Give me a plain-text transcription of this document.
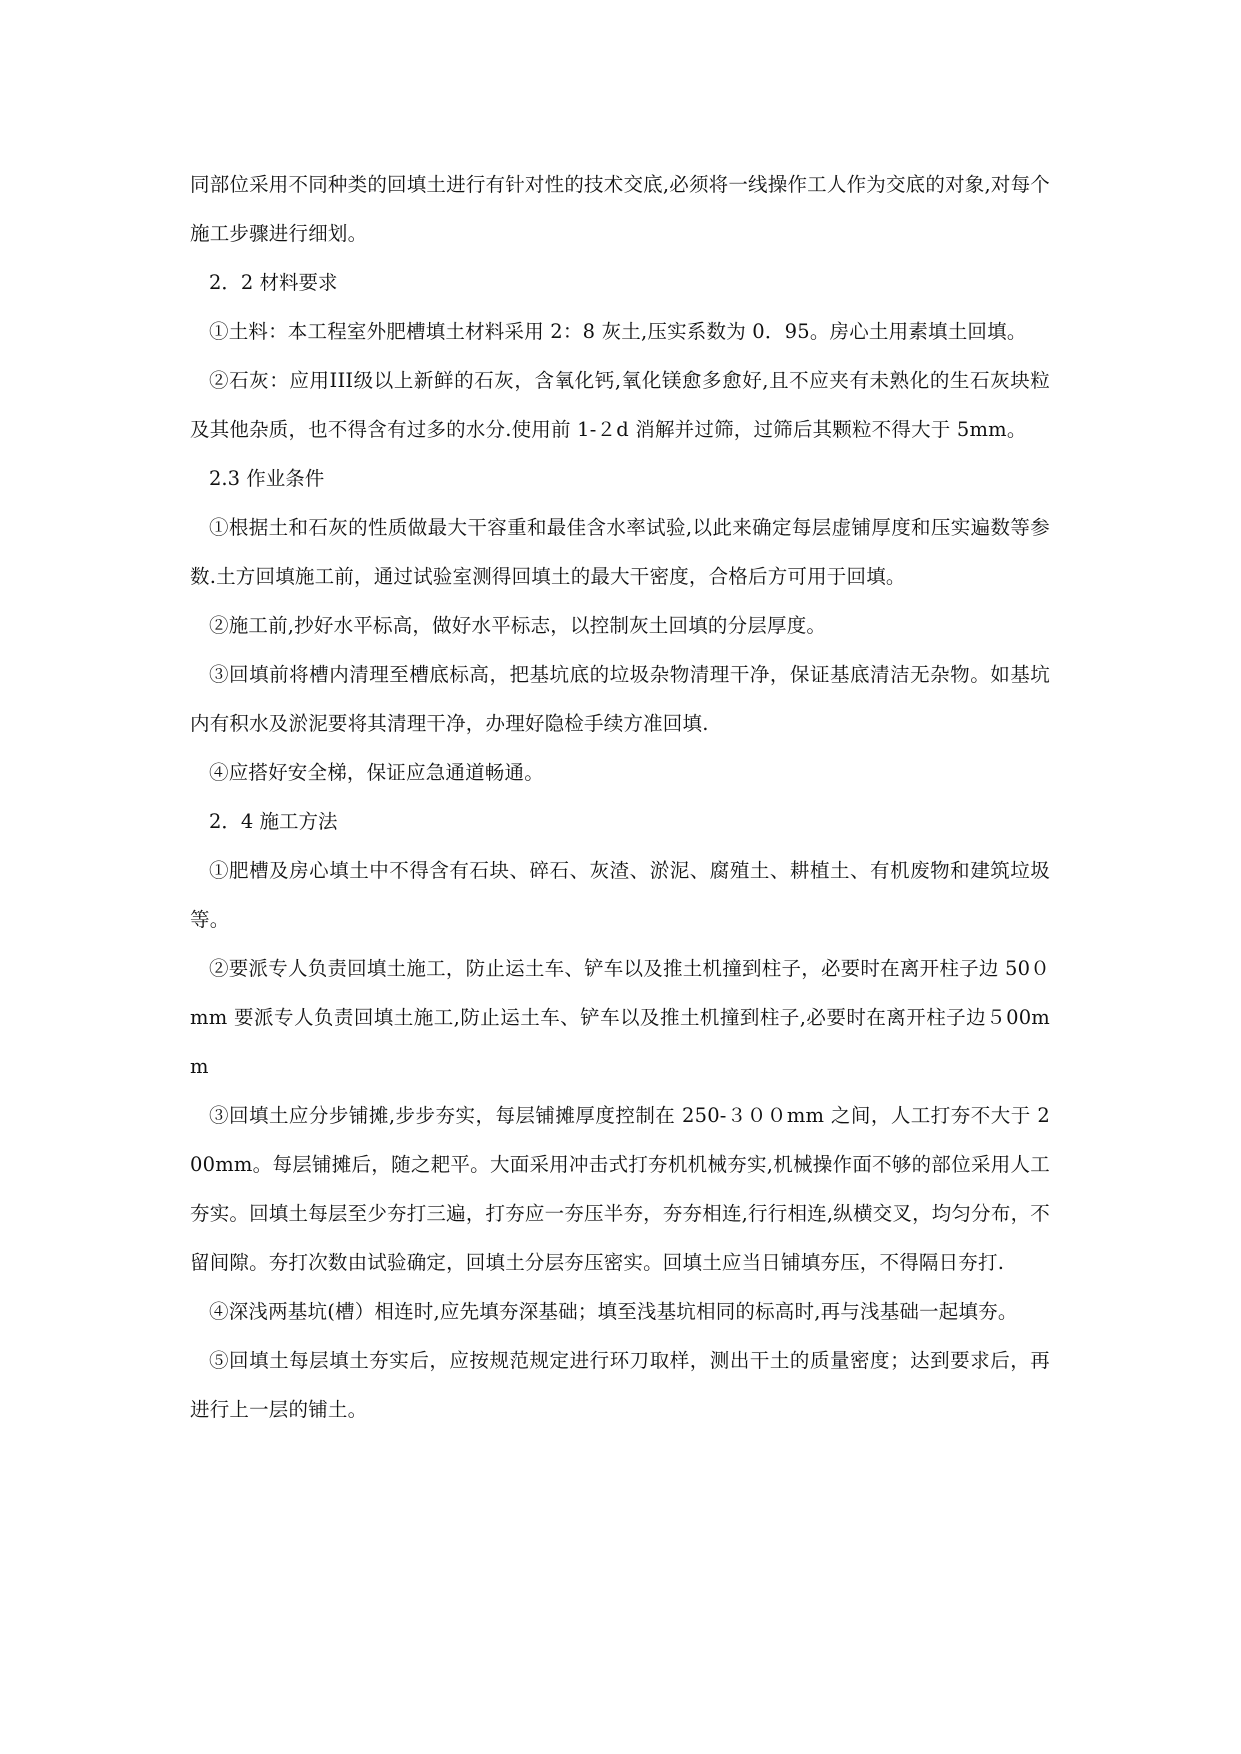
同部位采用不同种类的回填土进行有针对性的技术交底,必须将一线操作工人作为交底的对象,对每个施工步骤进行细划。

2．2 材料要求

①土料：本工程室外肥槽填土材料采用 2：8 灰土,压实系数为 0．95。房心土用素填土回填。

②石灰：应用III级以上新鲜的石灰，含氧化钙,氧化镁愈多愈好,且不应夹有未熟化的生石灰块粒及其他杂质，也不得含有过多的水分.使用前 1-２d 消解并过筛，过筛后其颗粒不得大于 5mm。

2.3 作业条件

①根据土和石灰的性质做最大干容重和最佳含水率试验,以此来确定每层虚铺厚度和压实遍数等参数.土方回填施工前，通过试验室测得回填土的最大干密度，合格后方可用于回填。

②施工前,抄好水平标高，做好水平标志，以控制灰土回填的分层厚度。

③回填前将槽内清理至槽底标高，把基坑底的垃圾杂物清理干净，保证基底清洁无杂物。如基坑内有积水及淤泥要将其清理干净，办理好隐检手续方准回填.

④应搭好安全梯，保证应急通道畅通。

2．4 施工方法

①肥槽及房心填土中不得含有石块、碎石、灰渣、淤泥、腐殖土、耕植土、有机废物和建筑垃圾等。

②要派专人负责回填土施工，防止运土车、铲车以及推土机撞到柱子，必要时在离开柱子边 50０mm 要派专人负责回填土施工,防止运土车、铲车以及推土机撞到柱子,必要时在离开柱子边５00mm

③回填土应分步铺摊,步步夯实，每层铺摊厚度控制在 250-３００mm 之间，人工打夯不大于 200mm。每层铺摊后，随之耙平。大面采用冲击式打夯机机械夯实,机械操作面不够的部位采用人工夯实。回填土每层至少夯打三遍，打夯应一夯压半夯，夯夯相连,行行相连,纵横交叉，均匀分布，不留间隙。夯打次数由试验确定，回填土分层夯压密实。回填土应当日铺填夯压，不得隔日夯打.

④深浅两基坑(槽）相连时,应先填夯深基础；填至浅基坑相同的标高时,再与浅基础一起填夯。

⑤回填土每层填土夯实后，应按规范规定进行环刀取样，测出干土的质量密度；达到要求后，再进行上一层的铺土。
